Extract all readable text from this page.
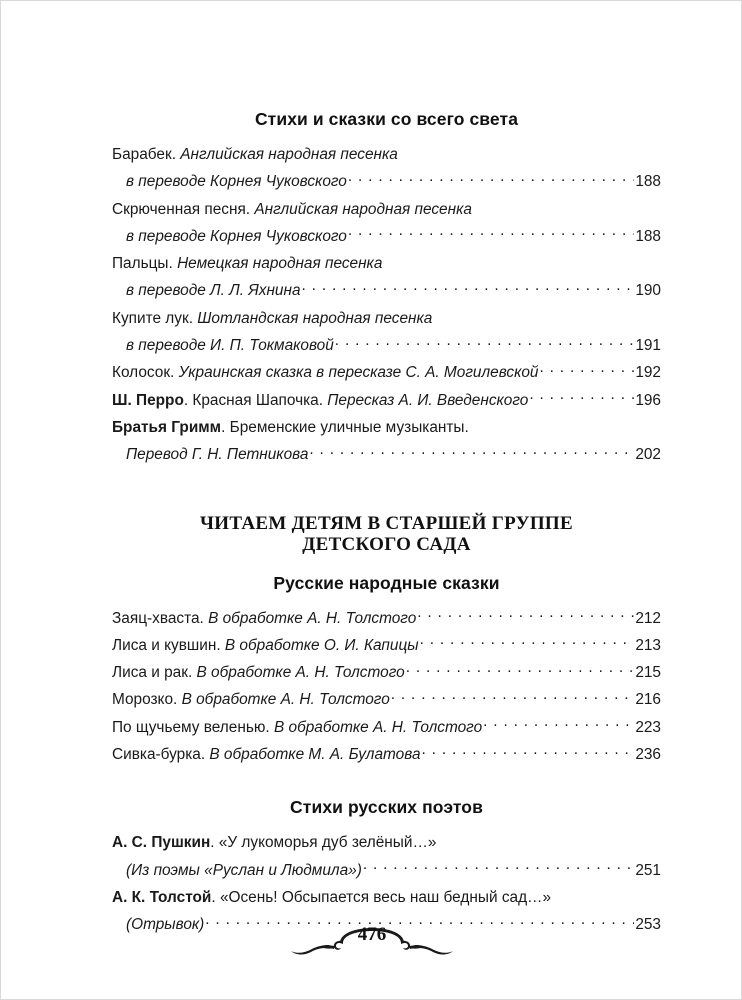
Стихи и сказки со всего света
Барабек. Английская народная песенка
в переводе Корнея Чуковского . . .	188
Скрюченная песня. Английская народная песенка
в переводе Корнея Чуковского . . .	188
Пальцы. Немецкая народная песенка
в переводе Л. Л. Яхнина . . .	190
Купите лук. Шотландская народная песенка
в переводе И. П. Токмаковой . . .	191
Колосок. Украинская сказка в пересказе С. А. Могилевской . . .	192
Ш. Перро. Красная Шапочка. Пересказ А. И. Введенского . . .	196
Братья Гримм. Бременские уличные музыканты.
Перевод Г. Н. Петникова . . .	202
ЧИТАЕМ ДЕТЯМ В СТАРШЕЙ ГРУППЕ
ДЕТСКОГО САДА
Русские народные сказки
Заяц-хваста. В обработке А. Н. Толстого . . .	212
Лиса и кувшин. В обработке О. И. Капицы . . .	213
Лиса и рак. В обработке А. Н. Толстого . . .	215
Морозко. В обработке А. Н. Толстого . . .	216
По щучьему веленью. В обработке А. Н. Толстого . . .	223
Сивка-бурка. В обработке М. А. Булатова . . .	236
Стихи русских поэтов
А. С. Пушкин. «У лукоморья дуб зелёный…»
(Из поэмы «Руслан и Людмила») . . .	251
А. К. Толстой. «Осень! Обсыпается весь наш бедный сад…»
(Отрывок) . . .	253
476
